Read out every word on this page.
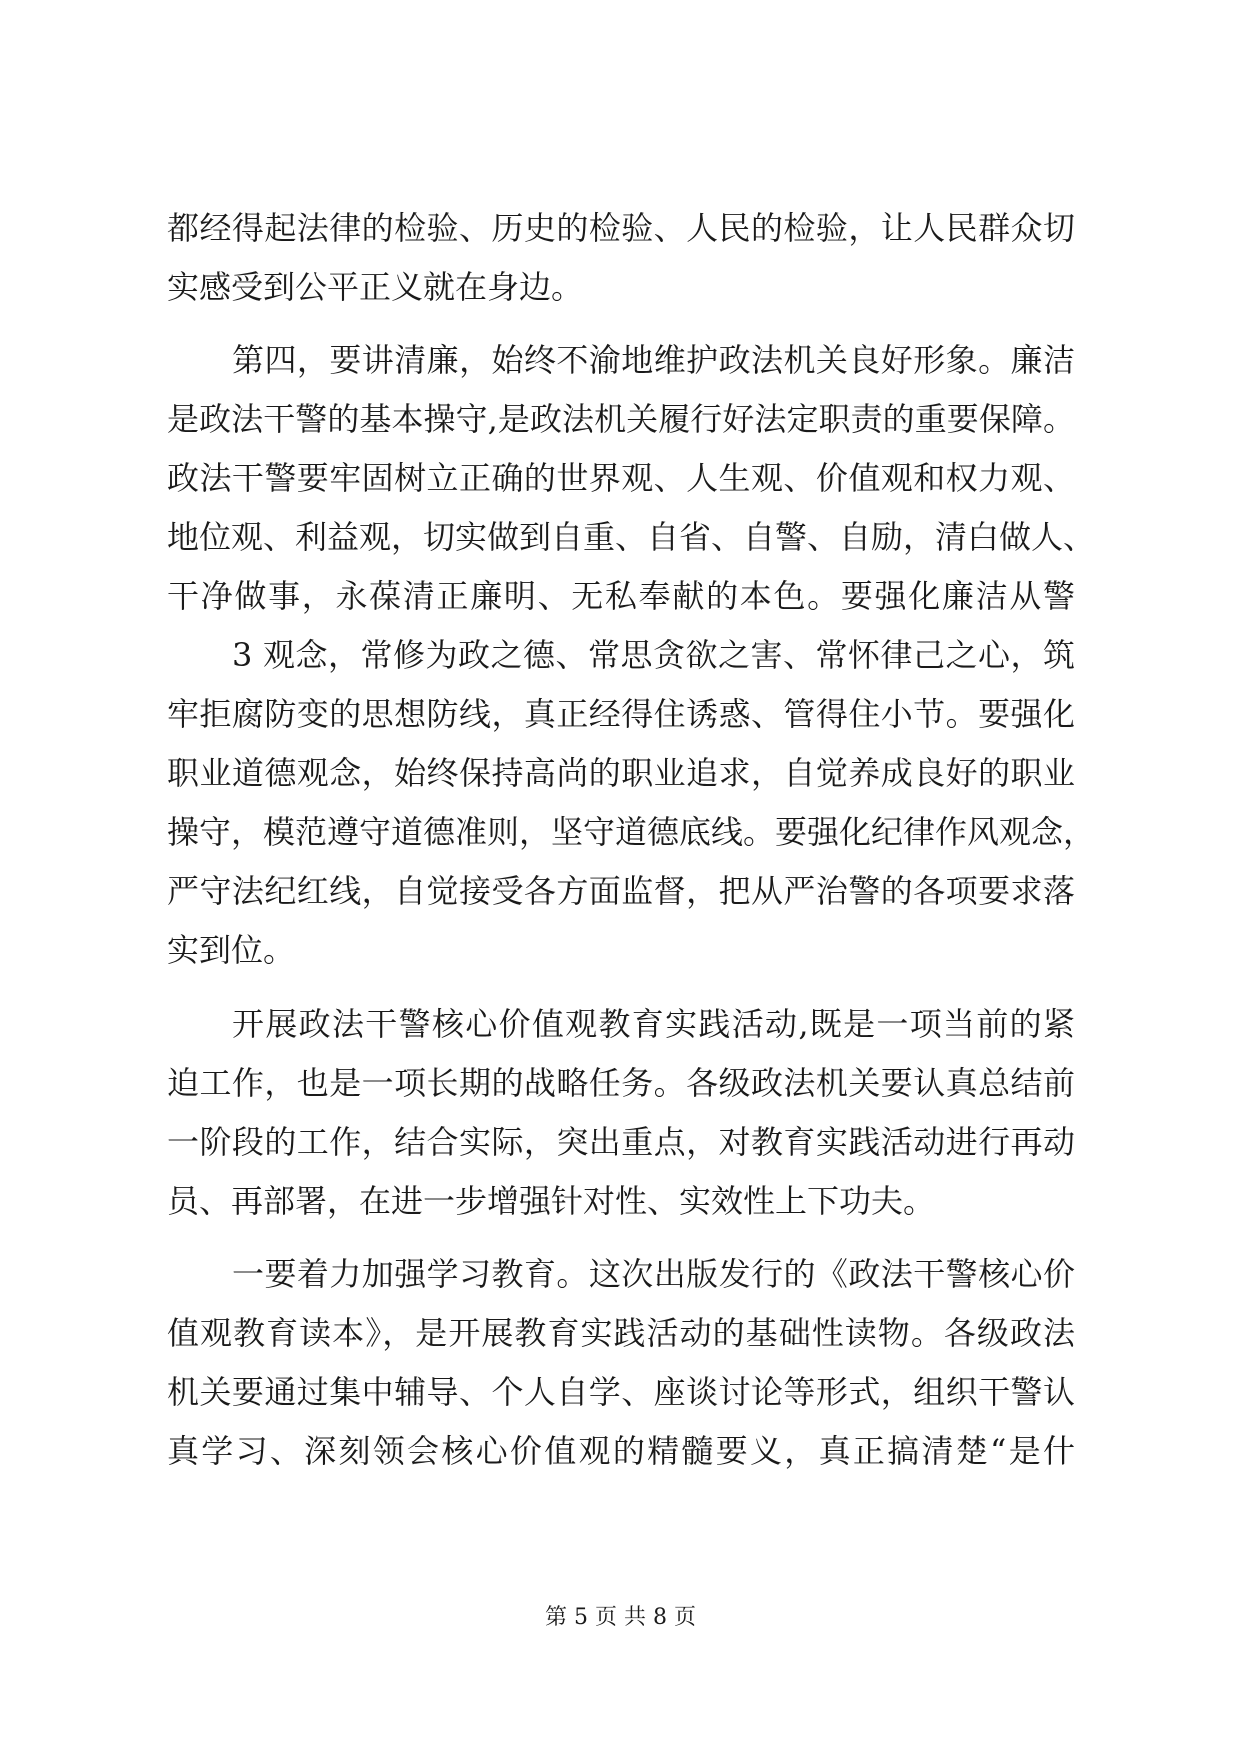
都经得起法律的检验、历史的检验、人民的检验，让人民群众切
实感受到公平正义就在身边。
第四，要讲清廉，始终不渝地维护政法机关良好形象。廉洁
是政法干警的基本操守,是政法机关履行好法定职责的重要保障。
政法干警要牢固树立正确的世界观、人生观、价值观和权力观、
地位观、利益观，切实做到自重、自省、自警、自励，清白做人、
干净做事，永葆清正廉明、无私奉献的本色。要强化廉洁从警
3 观念，常修为政之德、常思贪欲之害、常怀律己之心，筑
牢拒腐防变的思想防线，真正经得住诱惑、管得住小节。要强化
职业道德观念，始终保持高尚的职业追求，自觉养成良好的职业
操守，模范遵守道德准则，坚守道德底线。要强化纪律作风观念，
严守法纪红线，自觉接受各方面监督，把从严治警的各项要求落
实到位。
开展政法干警核心价值观教育实践活动,既是一项当前的紧
迫工作，也是一项长期的战略任务。各级政法机关要认真总结前
一阶段的工作，结合实际，突出重点，对教育实践活动进行再动
员、再部署，在进一步增强针对性、实效性上下功夫。
一要着力加强学习教育。这次出版发行的《政法干警核心价
值观教育读本》，是开展教育实践活动的基础性读物。各级政法
机关要通过集中辅导、个人自学、座谈讨论等形式，组织干警认
真学习、深刻领会核心价值观的精髓要义，真正搞清楚“是什
第 5 页 共 8 页
